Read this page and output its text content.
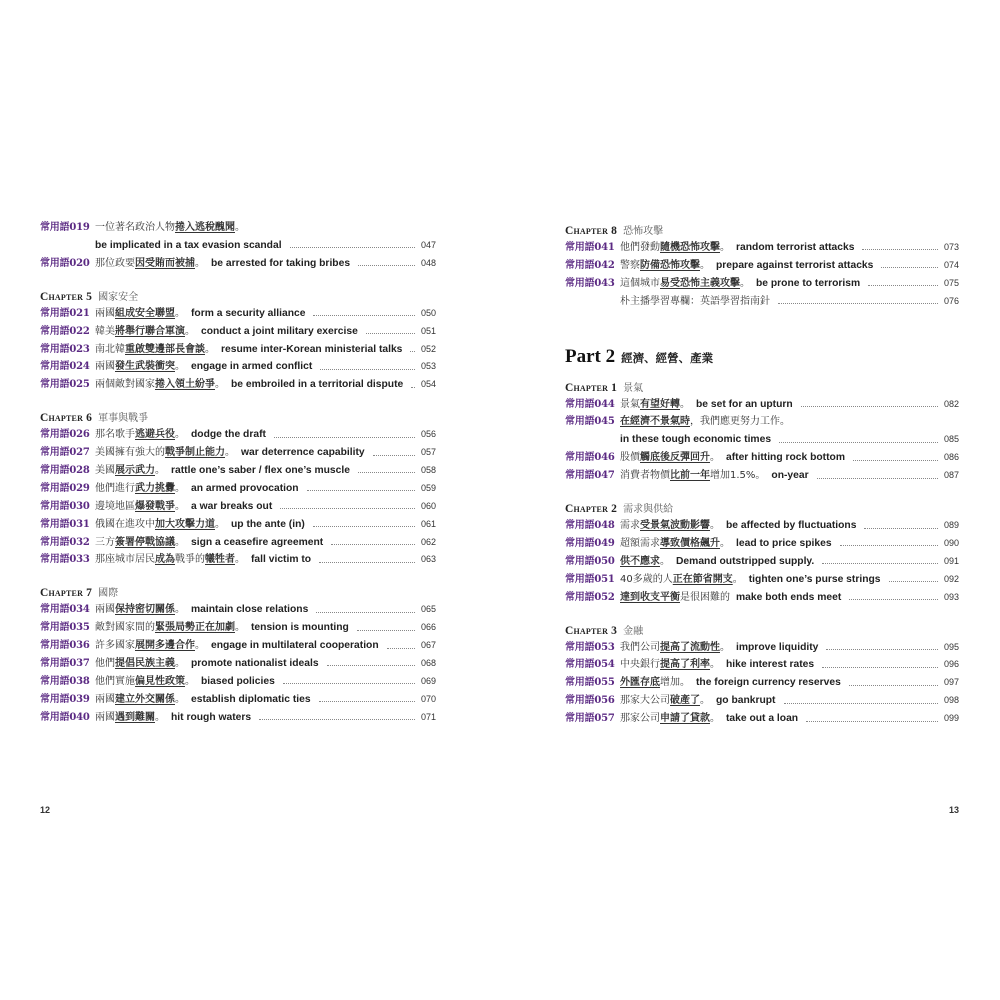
常用語019 一位著名政治人物捲入逃稅醜聞。
be implicated in a tax evasion scandal	047
常用語020 那位政要因受賄而被捕。 be arrested for taking bribes	048
Chapter 5 國家安全
常用語021 兩國組成安全聯盟。 form a security alliance	050
常用語022 韓美將舉行聯合軍演。 conduct a joint military exercise	051
常用語023 南北韓重啟雙邊部長會談。 resume inter-Korean ministerial talks 052
常用語024 兩國發生武裝衝突。 engage in armed conflict	053
常用語025 兩個敵對國家捲入領土紛爭。 be embroiled in a territorial dispute 054
Chapter 6 軍事與戰爭
常用語026 那名歌手逃避兵役。 dodge the draft	056
常用語027 美國擁有強大的戰爭制止能力。 war deterrence capability	057
常用語028 美國展示武力。 rattle one’s saber / flex one’s muscle	058
常用語029 他們進行武力挑釁。 an armed provocation	059
常用語030 邊境地區爆發戰爭。 a war breaks out	060
常用語031 俄國在進攻中加大攻擊力道。 up the ante (in)	061
常用語032 三方簽署停戰協議。 sign a ceasefire agreement	062
常用語033 那座城市居民成為戰爭的犧牲者。 fall victim to	063
Chapter 7 國際
常用語034 兩國保持密切關係。 maintain close relations	065
常用語035 敵對國家間的緊張局勢正在加劇。 tension is mounting	066
常用語036 許多國家展開多邊合作。 engage in multilateral cooperation	067
常用語037 他們提倡民族主義。 promote nationalist ideals	068
常用語038 他們實施偏見性政策。 biased policies	069
常用語039 兩國建立外交關係。 establish diplomatic ties	070
常用語040 兩國遇到難關。 hit rough waters	071
12
Chapter 8 恐怖攻擊
常用語041 他們發動隨機恐怖攻擊。 random terrorist attacks	073
常用語042 警察防備恐怖攻擊。 prepare against terrorist attacks	074
常用語043 這個城市易受恐怖主義攻擊。 be prone to terrorism	075
朴主播學習專欄：英語學習指南針	076
Part 2 經濟、經營、產業
Chapter 1 景氣
常用語044 景氣有望好轉。 be set for an upturn	082
常用語045 在經濟不景氣時，我們應更努力工作。
in these tough economic times	085
常用語046 股價觸底後反彈回升。 after hitting rock bottom	086
常用語047 消費者物價比前一年增加1.5%。 on-year	087
Chapter 2 需求與供給
常用語048 需求受景氣波動影響。 be affected by fluctuations	089
常用語049 超額需求導致價格飆升。 lead to price spikes	090
常用語050 供不應求。 Demand outstripped supply.	091
常用語051 40多歲的人正在節省開支。 tighten one’s purse strings	092
常用語052 達到收支平衡是很困難的 make both ends meet	093
Chapter 3 金融
常用語053 我們公司提高了流動性。 improve liquidity	095
常用語054 中央銀行提高了利率。 hike interest rates	096
常用語055 外匯存底增加。 the foreign currency reserves	097
常用語056 那家大公司破產了。 go bankrupt	098
常用語057 那家公司申請了貸款。 take out a loan	099
13
